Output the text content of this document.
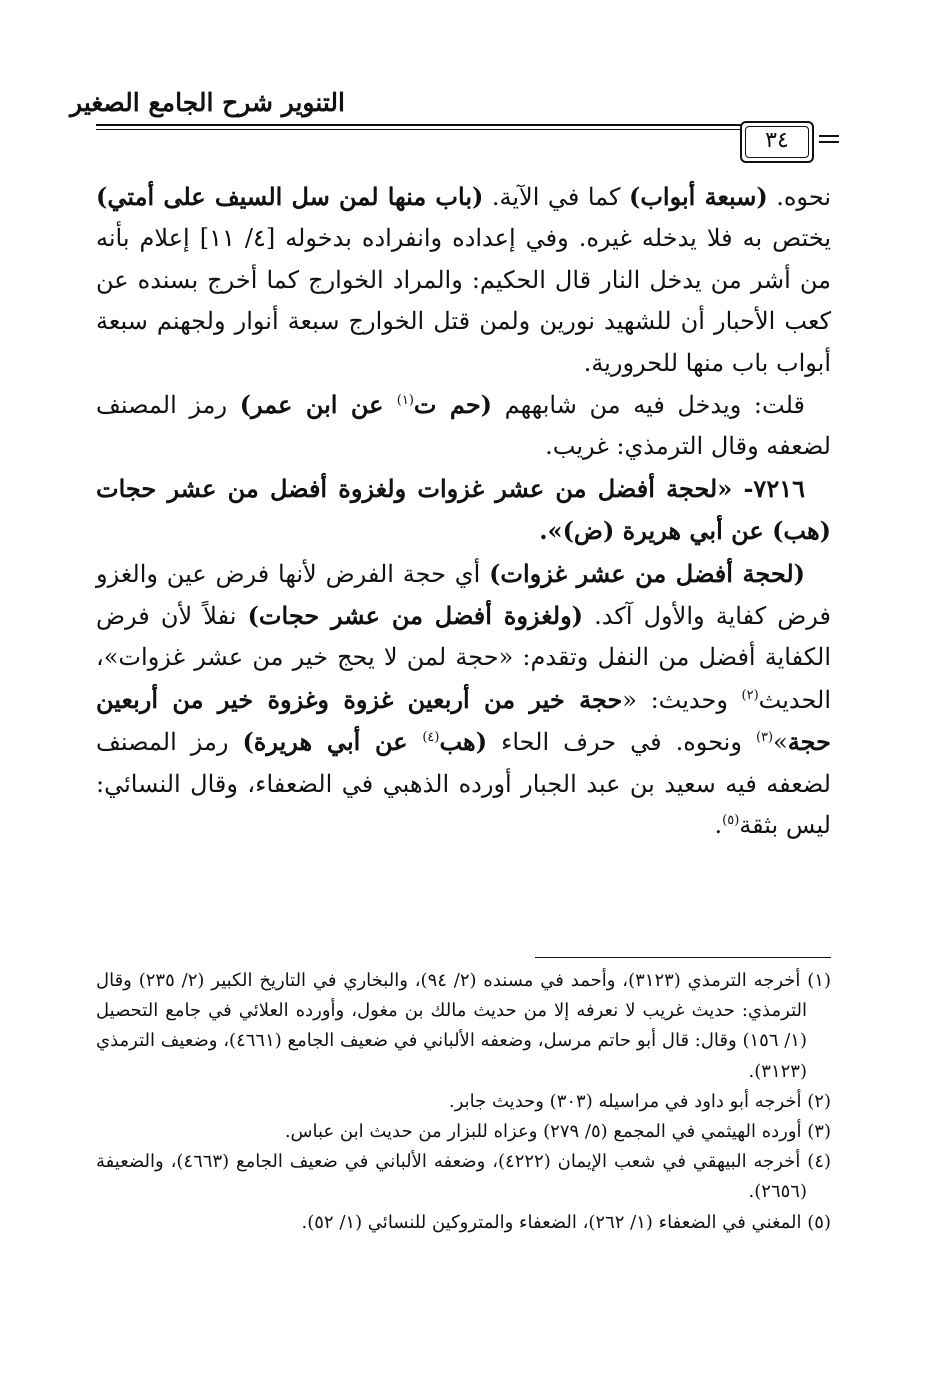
التنوير شرح الجامع الصغير
٣٤

نحوه. (سبعة أبواب) كما في الآية. (باب منها لمن سل السيف على أمتي) يختص به فلا يدخله غيره. وفي إعداده وانفراده بدخوله [٤/ ١١] إعلام بأنه من أشر من يدخل النار قال الحكيم: والمراد الخوارج كما أخرج بسنده عن كعب الأحبار أن للشهيد نورين ولمن قتل الخوارج سبعة أنوار ولجهنم سبعة أبواب باب منها للحرورية.

قلت: ويدخل فيه من شابههم (حم ت$^{(١)}$ عن ابن عمر) رمز المصنف لضعفه وقال الترمذي: غريب.

٧٢١٦- «لحجة أفضل من عشر غزوات ولغزوة أفضل من عشر حجات (هب) عن أبي هريرة (ض)».

(لحجة أفضل من عشر غزوات) أي حجة الفرض لأنها فرض عين والغزو فرض كفاية والأول آكد. (ولغزوة أفضل من عشر حجات) نفلاً لأن فرض الكفاية أفضل من النفل وتقدم: «حجة لمن لا يحج خير من عشر غزوات»، الحديث$^{(٢)}$ وحديث: «حجة خير من أربعين غزوة وغزوة خير من أربعين حجة»$^{(٣)}$ ونحوه. في حرف الحاء (هب$^{(٤)}$ عن أبي هريرة) رمز المصنف لضعفه فيه سعيد بن عبد الجبار أورده الذهبي في الضعفاء، وقال النسائي: ليس بثقة$^{(٥)}$.

(١) أخرجه الترمذي (٣١٢٣)، وأحمد في مسنده (٢/ ٩٤)، والبخاري في التاريخ الكبير (٢/ ٢٣٥) وقال الترمذي: حديث غريب لا نعرفه إلا من حديث مالك بن مغول، وأورده العلائي في جامع التحصيل (١/ ١٥٦) وقال: قال أبو حاتم مرسل، وضعفه الألباني في ضعيف الجامع (٤٦٦١)، وضعيف الترمذي (٣١٢٣).

(٢) أخرجه أبو داود في مراسيله (٣٠٣) وحديث جابر.

(٣) أورده الهيثمي في المجمع (٥/ ٢٧٩) وعزاه للبزار من حديث ابن عباس.

(٤) أخرجه البيهقي في شعب الإيمان (٤٢٢٢)، وضعفه الألباني في ضعيف الجامع (٤٦٦٣)، والضعيفة (٢٦٥٦).

(٥) المغني في الضعفاء (١/ ٢٦٢)، الضعفاء والمتروكين للنسائي (١/ ٥٢).
